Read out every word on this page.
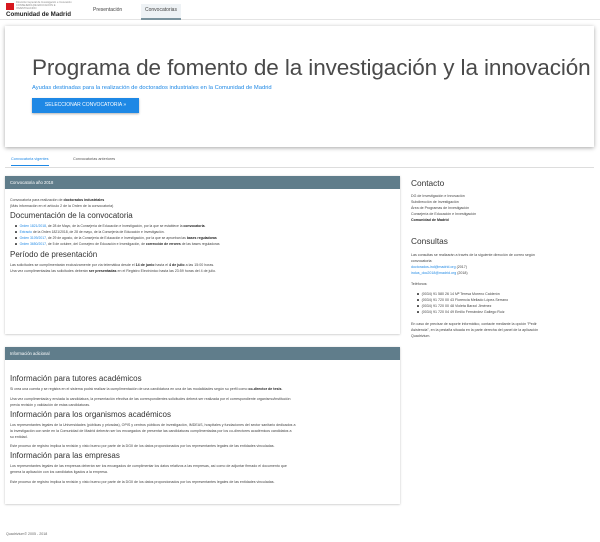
Dirección General de Investigación e Innovación CONSEJERÍA DE EDUCACIÓN E INVESTIGACIÓN
Comunidad de Madrid
Presentación	Convocatorias
Programa de fomento de la investigación y la innovación
Ayudas destinadas para la realización de doctorados industriales en la Comunidad de Madrid
SELECCIONAR CONVOCATORIA »
Convocatoria vigentes	Convocatorias anteriores
Convocatoria año 2018
Convocatoria para realización de doctorados industriales
(Más información en el artículo 2 de la Orden de la convocatoria)
Documentación de la convocatoria
Orden 1821/2018, de 28 de Mayo, de la Consejería de Educación e Investigación, por la que se establece la convocatoria.
Extracto de la Orden 1821/2018, de 28 de mayo, de la Consejería de Educación e Investigación.
Orden 3109/2017, de 29 de agosto, de la Consejería de Educación e Investigación, por la que se aprueban las bases reguladoras
Orden 3650/2017, de 5 de octubre, del Consejero de Educación e Investigación, de corrección de errores de las bases reguladoras
Período de presentación
Las solicitudes se cumplimentarán exclusivamente por vía telemática desde el 14 de junio hasta el 4 de julio a las 15:00 horas.
Una vez cumplimentadas las solicitudes deberán ser presentadas en el Registro Electrónico hasta las 23:59 horas del 4 de julio.
Información adicional
Información para tutores académicos
Si crea una cuenta y se registra en el sistema podrá realizar la cumplimentación de una candidatura en una de las modalidades según su perfil como co-director de tesis.
Una vez cumplimentada y enviada la candidatura, la presentación efectiva de las correspondientes solicitudes deberá ser realizada por el correspondiente organismo/institución
previa revisión y validación de estas candidaturas.
Información para los organismos académicos
Los representantes legales de la Universidades (públicas y privadas), OPIS y centros públicos de investigación, IMDEAS, hospitales y fundaciones del sector sanitario dedicados a
la investigación con sede en la Comunidad de Madrid deberán ser los encargados de presentar las candidaturas cumplimentadas por los co-directores académicos candidatos a
su entidad.
Este proceso de registro implica la revisión y visto bueno por parte de la DGII de los datos proporcionados por los representantes legales de las entidades vinculadas.
Información para las empresas
Los representantes legales de las empresas deberán ser los encargados de cumplimentar los datos relativos a las empresas, así como de adjuntar firmado el documento que
genera la aplicación con los candidatos ligados a la empresa.
Este proceso de registro implica la revisión y visto bueno por parte de la DGII de los datos proporcionados por los representantes legales de las entidades vinculadas.
Contacto
DG de Investigación e Innovación
Subdirección de Investigación
Área de Programas de Investigación
Consejería de Educación e Investigación
Comunidad de Madrid
Consultas
Las consultas se realizarán a través de la siguiente dirección de correo según
convocatoria:
doctorados-ind@madrid.org (2017)
indus_doc2018@madrid.org (2018)
Teléfonos:
(0034) 91 580 26 14 Mª Teresa Moreno Calderón
(0034) 91 720 00 43 Florencia Mellado López-Serrano
(0034) 91 720 00 48 Violeta Barzol Jiménez
(0034) 91 720 04 49 Emilio Fernández Gallego Ruiz
En caso de precisar de soporte informático, contacte mediante la opción "Pedir
Asistencia", en la pestaña situada en la parte derecha del panel de la aplicación
Quadrivium.
Quadrivium© 2005 - 2018
